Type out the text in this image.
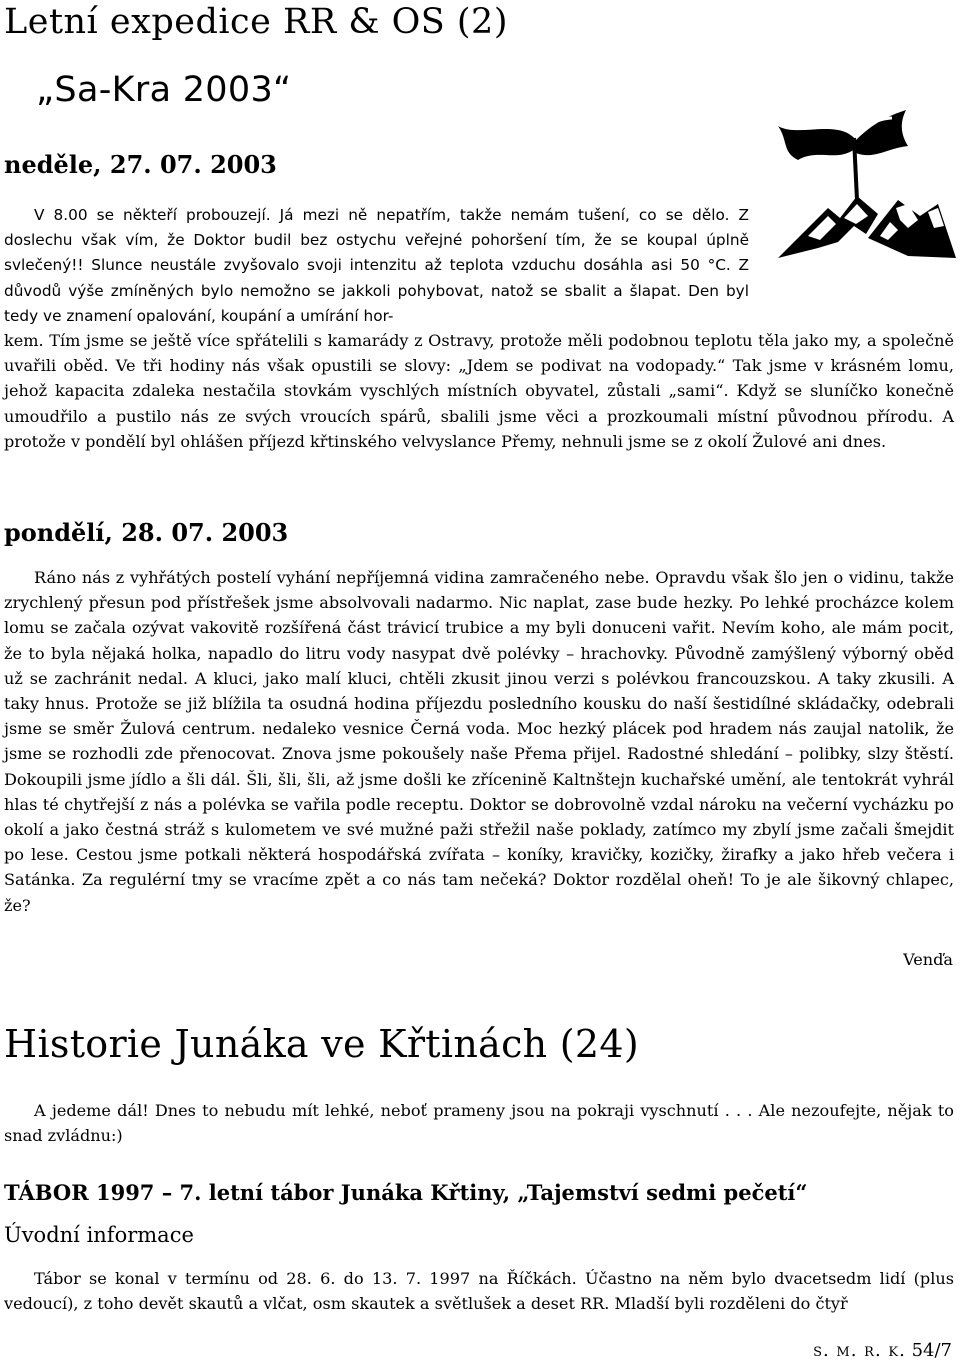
Letní expedice RR & OS (2)
„Sa-Kra 2003“
neděle, 27. 07. 2003

V 8.00 se někteří probouzejí. Já mezi ně nepatřím, takže nemám tušení, co se dělo. Z doslechu však vím, že Doktor budil bez ostychu veřejné pohoršení tím, že se koupal úplně svlečený!! Slunce neustále zvyšovalo svoji intenzitu až teplota vzduchu dosáhla asi 50 °C. Z důvodů výše zmíněných bylo nemožno se jakkoli pohybovat, natož se sbalit a šlapat. Den byl tedy ve znamení opalování, koupání a umírání hor-

kem. Tím jsme se ještě více spřátelili s kamarády z Ostravy, protože měli podobnou teplotu těla jako my, a společně uvařili oběd. Ve tři hodiny nás však opustili se slovy: „Jdem se podivat na vodopady.“ Tak jsme v krásném lomu, jehož kapacita zdaleka nestačila stovkám vyschlých místních obyvatel, zůstali „sami“. Když se sluníčko konečně umoudřilo a pustilo nás ze svých vroucích spárů, sbalili jsme věci a prozkoumali místní původnou přírodu. A protože v pondělí byl ohlášen příjezd křtinského velvyslance Přemy, nehnuli jsme se z okolí Žulové ani dnes.

pondělí, 28. 07. 2003

Ráno nás z vyhřátých postelí vyhání nepříjemná vidina zamračeného nebe. Opravdu však šlo jen o vidinu, takže zrychlený přesun pod přístřešek jsme absolvovali nadarmo. Nic naplat, zase bude hezky. Po lehké procházce kolem lomu se začala ozývat vakovitě rozšířená část trávicí trubice a my byli donuceni vařit. Nevím koho, ale mám pocit, že to byla nějaká holka, napadlo do litru vody nasypat dvě polévky – hrachovky. Původně zamýšlený výborný oběd už se zachránit nedal. A kluci, jako malí kluci, chtěli zkusit jinou verzi s polévkou francouzskou. A taky zkusili. A taky hnus. Protože se již blížila ta osudná hodina příjezdu posledního kousku do naší šestidílné skládačky, odebrali jsme se směr Žulová centrum. nedaleko vesnice Černá voda. Moc hezký plácek pod hradem nás zaujal natolik, že jsme se rozhodli zde přenocovat. Znova jsme pokoušely naše Přema přijel. Radostné shledání – polibky, slzy štěstí. Dokoupili jsme jídlo a šli dál. Šli, šli, šli, až jsme došli ke zřícenině Kaltnštejn kuchařské umění, ale tentokrát vyhrál hlas té chytřejší z nás a polévka se vařila podle receptu. Doktor se dobrovolně vzdal nároku na večerní vycházku po okolí a jako čestná stráž s kulometem ve své mužné paži střežil naše poklady, zatímco my zbylí jsme začali šmejdit po lese. Cestou jsme potkali některá hospodářská zvířata – koníky, kravičky, kozičky, žirafky a jako hřeb večera i Satánka. Za regulérní tmy se vracíme zpět a co nás tam nečeká? Doktor rozdělal oheň! To je ale šikovný chlapec, že?

Venďa
Historie Junáka ve Křtinách (24)

A jedeme dál! Dnes to nebudu mít lehké, neboť prameny jsou na pokraji vyschnutí . . . Ale nezoufejte, nějak to snad zvládnu:)

TÁBOR 1997 – 7. letní tábor Junáka Křtiny, „Tajemství sedmi pečetí“
Úvodní informace

Tábor se konal v termínu od 28. 6. do 13. 7. 1997 na Říčkách. Účastno na něm bylo dvacetsedm lidí (plus vedoucí), z toho devět skautů a vlčat, osm skautek a světlušek a deset RR. Mladší byli rozděleni do čtyř

s. m. r. k. 54/7
